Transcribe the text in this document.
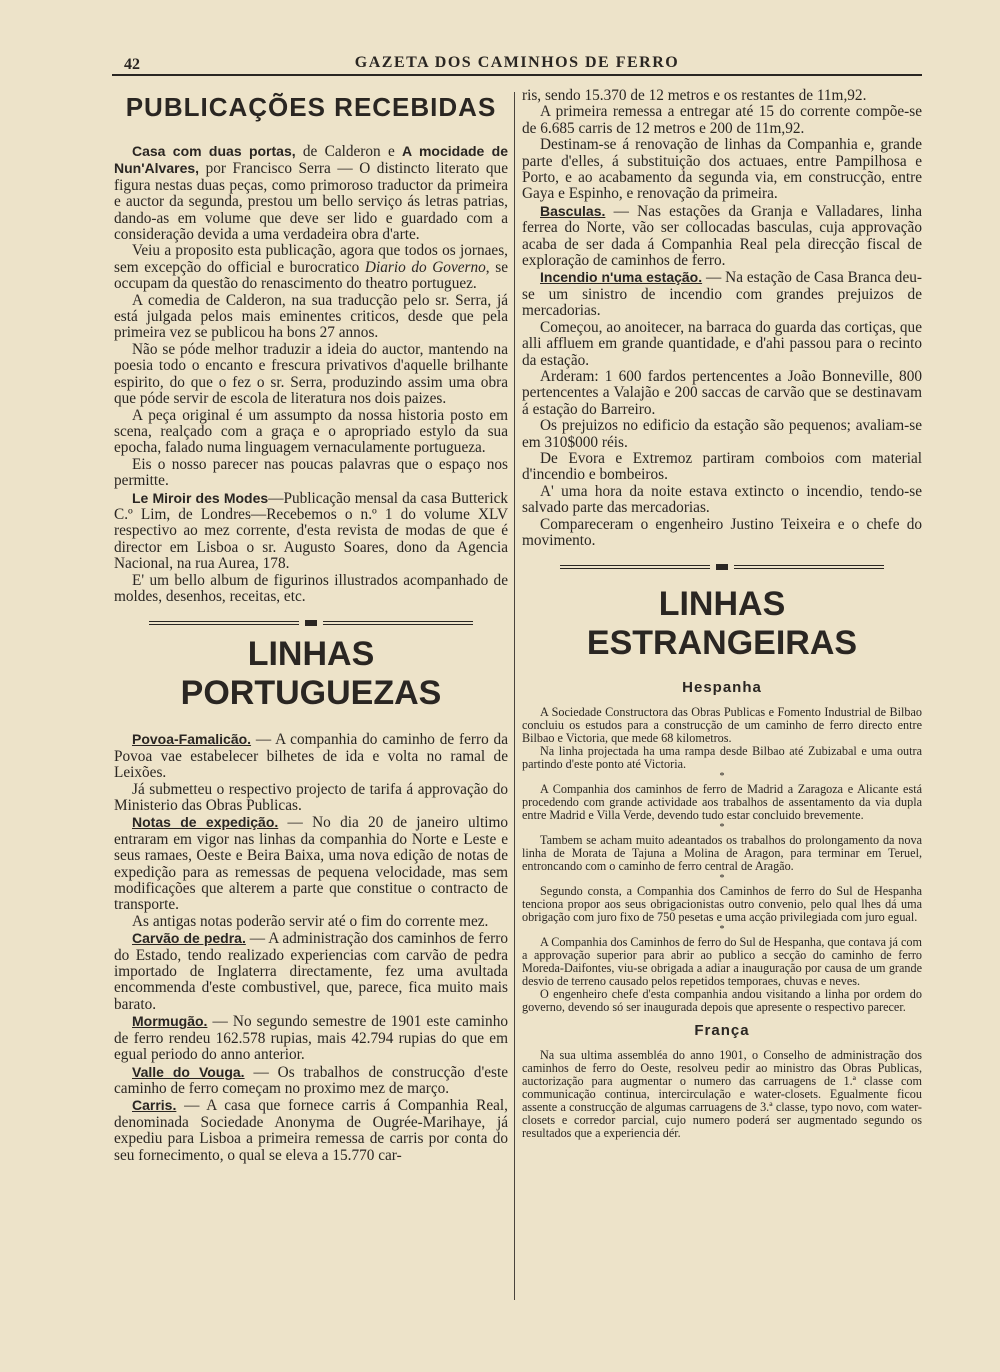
42	GAZETA DOS CAMINHOS DE FERRO
PUBLICAÇÕES RECEBIDAS

Casa com duas portas, de Calderon e A mocidade de Nun'Alvares, por Francisco Serra — O distincto literato que figura nestas duas peças, como primoroso traductor da primeira e auctor da segunda, prestou um bello serviço ás letras patrias, dando-as em volume que deve ser lido e guardado com a consideração devida a uma verdadeira obra d'arte.

Veiu a proposito esta publicação, agora que todos os jornaes, sem excepção do official e burocratico Diario do Governo, se occupam da questão do renascimento do theatro portuguez.

A comedia de Calderon, na sua traducção pelo sr. Serra, já está julgada pelos mais eminentes criticos, desde que pela primeira vez se publicou ha bons 27 annos.

Não se póde melhor traduzir a ideia do auctor, mantendo na poesia todo o encanto e frescura privativos d'aquelle brilhante espirito, do que o fez o sr. Serra, produzindo assim uma obra que póde servir de escola de literatura nos dois paizes.

A peça original é um assumpto da nossa historia posto em scena, realçado com a graça e o apropriado estylo da sua epocha, falado numa linguagem vernaculamente portugueza.

Eis o nosso parecer nas poucas palavras que o espaço nos permitte.

Le Miroir des Modes—Publicação mensal da casa Butterick C.º Lim, de Londres—Recebemos o n.º 1 do volume XLV respectivo ao mez corrente, d'esta revista de modas de que é director em Lisboa o sr. Augusto Soares, dono da Agencia Nacional, na rua Aurea, 178.

E' um bello album de figurinos illustrados acompanhado de moldes, desenhos, receitas, etc.

LINHAS PORTUGUEZAS

Povoa-Famalicão. — A companhia do caminho de ferro da Povoa vae estabelecer bilhetes de ida e volta no ramal de Leixões.

Já submetteu o respectivo projecto de tarifa á approvação do Ministerio das Obras Publicas.

Notas de expedição. — No dia 20 de janeiro ultimo entraram em vigor nas linhas da companhia do Norte e Leste e seus ramaes, Oeste e Beira Baixa, uma nova edição de notas de expedição para as remessas de pequena velocidade, mas sem modificações que alterem a parte que constitue o contracto de transporte.

As antigas notas poderão servir até o fim do corrente mez.

Carvão de pedra. — A administração dos caminhos de ferro do Estado, tendo realizado experiencias com carvão de pedra importado de Inglaterra directamente, fez uma avultada encommenda d'este combustivel, que, parece, fica muito mais barato.

Mormugão. — No segundo semestre de 1901 este caminho de ferro rendeu 162.578 rupias, mais 42.794 rupias do que em egual periodo do anno anterior.

Valle do Vouga. — Os trabalhos de construcção d'este caminho de ferro começam no proximo mez de março.

Carris. — A casa que fornece carris á Companhia Real, denominada Sociedade Anonyma de Ougrée-Marihaye, já expediu para Lisboa a primeira remessa de carris por conta do seu fornecimento, o qual se eleva a 15.770 car-

ris, sendo 15.370 de 12 metros e os restantes de 11m,92.

A primeira remessa a entregar até 15 do corrente compõe-se de 6.685 carris de 12 metros e 200 de 11m,92.

Destinam-se á renovação de linhas da Companhia e, grande parte d'elles, á substituição dos actuaes, entre Pampilhosa e Porto, e ao acabamento da segunda via, em construcção, entre Gaya e Espinho, e renovação da primeira.

Basculas. — Nas estações da Granja e Valladares, linha ferrea do Norte, vão ser collocadas basculas, cuja approvação acaba de ser dada á Companhia Real pela direcção fiscal de exploração de caminhos de ferro.

Incendio n'uma estação. — Na estação de Casa Branca deu-se um sinistro de incendio com grandes prejuizos de mercadorias.

Começou, ao anoitecer, na barraca do guarda das cortiças, que alli affluem em grande quantidade, e d'ahi passou para o recinto da estação.

Arderam: 1 600 fardos pertencentes a João Bonneville, 800 pertencentes a Valajão e 200 saccas de carvão que se destinavam á estação do Barreiro.

Os prejuizos no edificio da estação são pequenos; avaliam-se em 310$000 réis.

De Evora e Extremoz partiram comboios com material d'incendio e bombeiros.

A' uma hora da noite estava extincto o incendio, tendo-se salvado parte das mercadorias.

Compareceram o engenheiro Justino Teixeira e o chefe do movimento.

LINHAS ESTRANGEIRAS
Hespanha

A Sociedade Constructora das Obras Publicas e Fomento Industrial de Bilbao concluiu os estudos para a construcção de um caminho de ferro directo entre Bilbao e Victoria, que mede 68 kilometros.

Na linha projectada ha uma rampa desde Bilbao até Zubizabal e uma outra partindo d'este ponto até Victoria.

*

A Companhia dos caminhos de ferro de Madrid a Zaragoza e Alicante está procedendo com grande actividade aos trabalhos de assentamento da via dupla entre Madrid e Villa Verde, devendo tudo estar concluido brevemente.

*

Tambem se acham muito adeantados os trabalhos do prolongamento da nova linha de Morata de Tajuna a Molina de Aragon, para terminar em Teruel, entroncando com o caminho de ferro central de Aragão.

*

Segundo consta, a Companhia dos Caminhos de ferro do Sul de Hespanha tenciona propor aos seus obrigacionistas outro convenio, pelo qual lhes dá uma obrigação com juro fixo de 750 pesetas e uma acção privilegiada com juro egual.

*

A Companhia dos Caminhos de ferro do Sul de Hespanha, que contava já com a approvação superior para abrir ao publico a secção do caminho de ferro Moreda-Daifontes, viu-se obrigada a adiar a inauguração por causa de um grande desvio de terreno causado pelos repetidos temporaes, chuvas e neves.

O engenheiro chefe d'esta companhia andou visitando a linha por ordem do governo, devendo só ser inaugurada depois que apresente o respectivo parecer.

França

Na sua ultima assembléa do anno 1901, o Conselho de administração dos caminhos de ferro do Oeste, resolveu pedir ao ministro das Obras Publicas, auctorização para augmentar o numero das carruagens de 1.ª classe com communicação continua, intercirculação e water-closets. Egualmente ficou assente a construcção de algumas carruagens de 3.ª classe, typo novo, com water-closets e corredor parcial, cujo numero poderá ser augmentado segundo os resultados que a experiencia dér.
